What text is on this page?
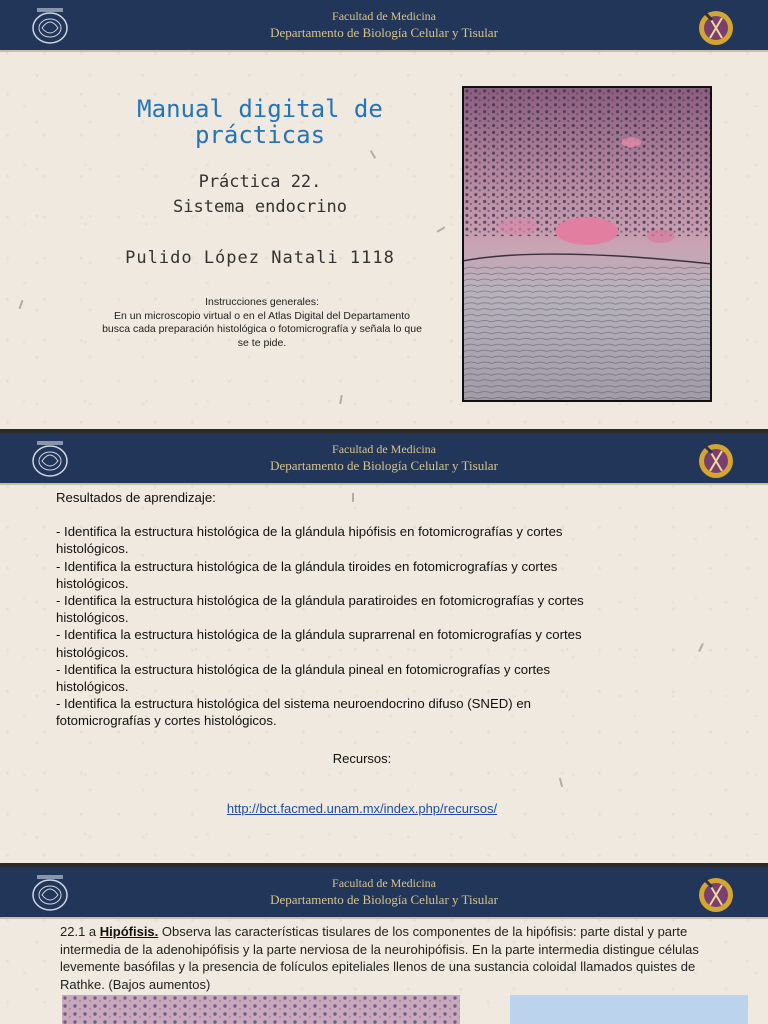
Facultad de Medicina
Departamento de Biología Celular y Tisular
Manual digital de prácticas
Práctica 22.
Sistema endocrino
Pulido López Natali 1118
Instrucciones generales:
En un microscopio virtual o en el Atlas Digital del Departamento
busca cada preparación histológica o fotomicrografía y señala lo que
se te pide.
Facultad de Medicina
Departamento de Biología Celular y Tisular

Resultados de aprendizaje:

- Identifica la estructura histológica de la glándula hipófisis en fotomicrografías y cortes histológicos.

- Identifica la estructura histológica de la glándula tiroides en fotomicrografías y cortes histológicos.

- Identifica la estructura histológica de la glándula paratiroides en fotomicrografías y cortes histológicos.

- Identifica la estructura histológica de la glándula suprarrenal en fotomicrografías y cortes histológicos.

- Identifica la estructura histológica de la glándula pineal en fotomicrografías y cortes histológicos.

- Identifica la estructura histológica del sistema neuroendocrino difuso (SNED) en fotomicrografías y cortes histológicos.

Recursos:
http://bct.facmed.unam.mx/index.php/recursos/
Facultad de Medicina
Departamento de Biología Celular y Tisular
22.1 a Hipófisis. Observa las características tisulares de los componentes de la hipófisis: parte distal y parte intermedia de la adenohipófisis y la parte nerviosa de la neurohipófisis. En la parte intermedia distingue células levemente basófilas y la presencia de folículos epiteliales llenos de una sustancia coloidal llamados quistes de Rathke. (Bajos aumentos)
